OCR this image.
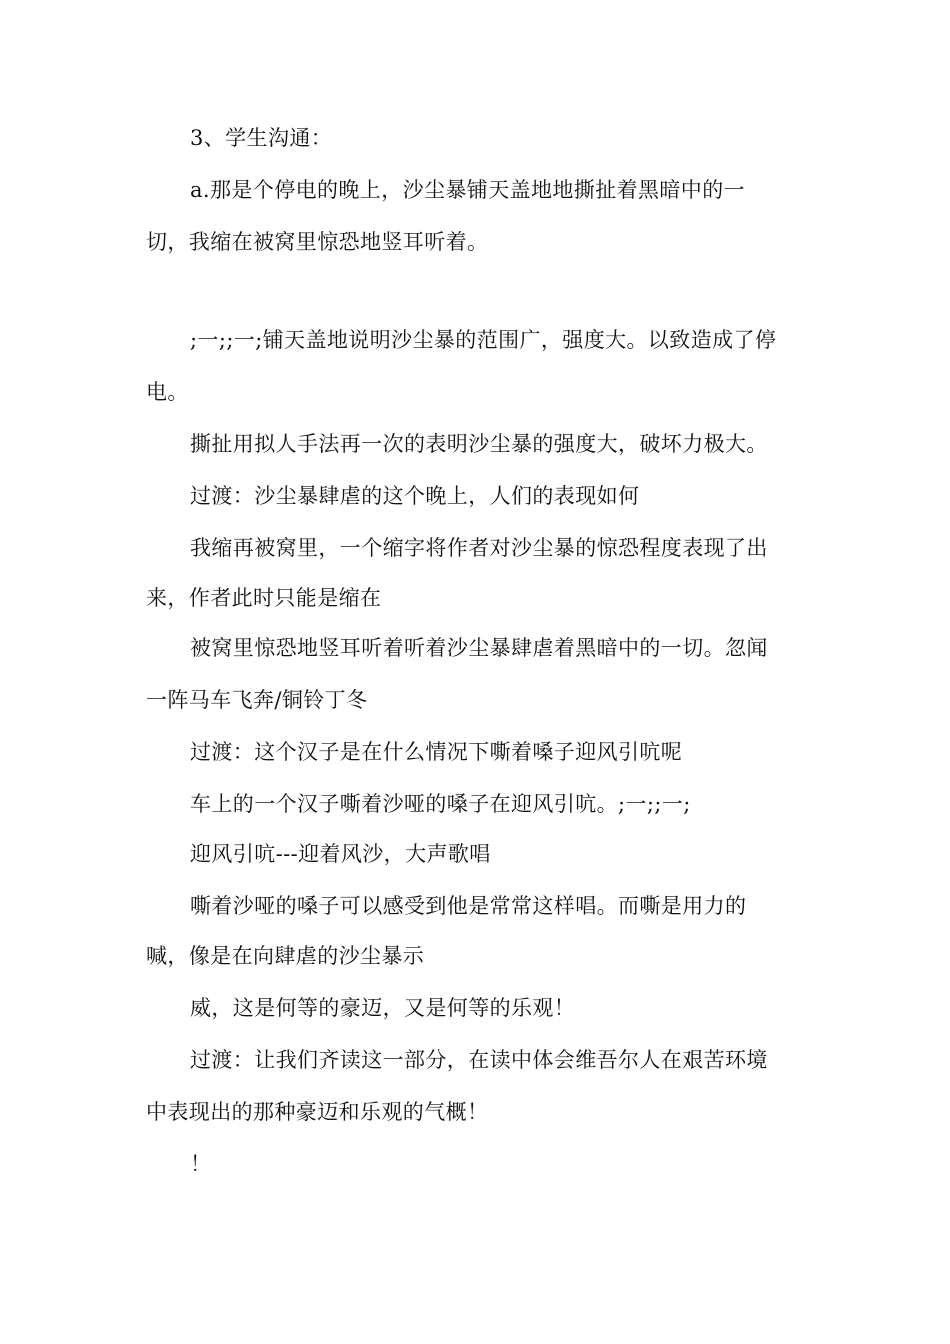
3、学生沟通：
a.那是个停电的晚上，沙尘暴铺天盖地地撕扯着黑暗中的一
切，我缩在被窝里惊恐地竖耳听着。
;一;;一;铺天盖地说明沙尘暴的范围广，强度大。以致造成了停
电。
撕扯用拟人手法再一次的表明沙尘暴的强度大，破坏力极大。
过渡：沙尘暴肆虐的这个晚上，人们的表现如何
我缩再被窝里，一个缩字将作者对沙尘暴的惊恐程度表现了出
来，作者此时只能是缩在
被窝里惊恐地竖耳听着听着沙尘暴肆虐着黑暗中的一切。忽闻
一阵马车飞奔/铜铃丁冬
过渡：这个汉子是在什么情况下嘶着嗓子迎风引吭呢
车上的一个汉子嘶着沙哑的嗓子在迎风引吭。;一;;一;
迎风引吭---迎着风沙，大声歌唱
嘶着沙哑的嗓子可以感受到他是常常这样唱。而嘶是用力的
喊，像是在向肆虐的沙尘暴示
威，这是何等的豪迈，又是何等的乐观！
过渡：让我们齐读这一部分，在读中体会维吾尔人在艰苦环境
中表现出的那种豪迈和乐观的气概！
！
